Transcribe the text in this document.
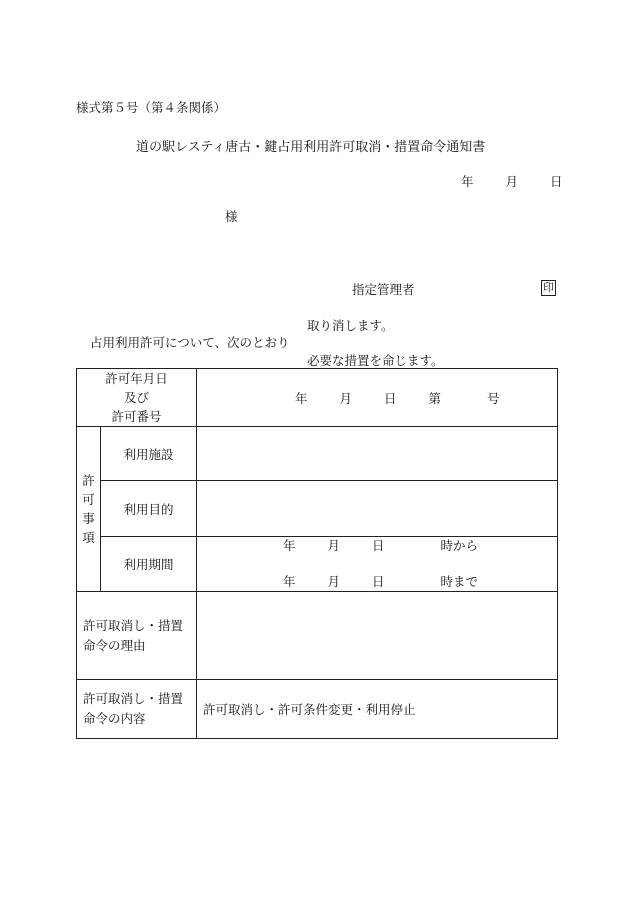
様式第５号（第４条関係）
道の駅レスティ唐古・鍵占用利用許可取消・措置命令通知書
年	月	日
様
指定管理者	印
取り消します。
占用利用許可について、次のとおり
必要な措置を命じます。
許可年月日
及び
許可番号		年 月 日 第 号

許
可
事
項	利用施設	
	利用目的	
	利用期間	年 月 日 時から
年 月 日 時まで

許可取消し・措置
命令の理由		

許可取消し・措置
命令の内容		許可取消し・許可条件変更・利用停止
